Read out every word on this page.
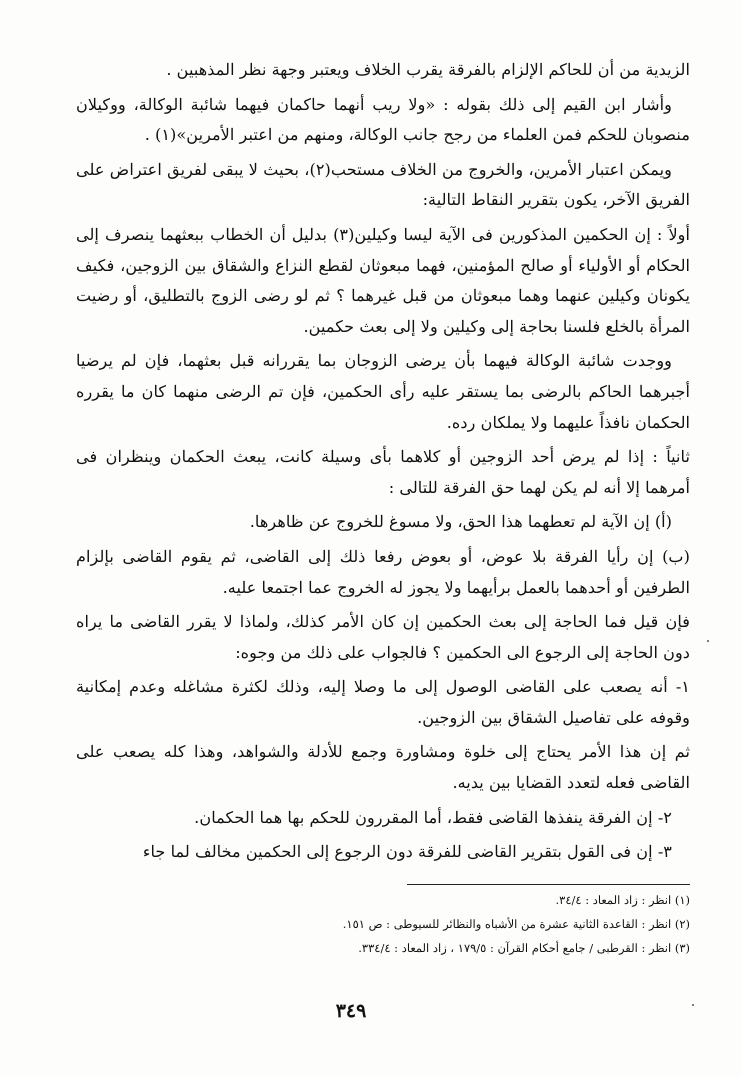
الزيدية من أن للحاكم الإلزام بالفرقة يقرب الخلاف ويعتبر وجهة نظر المذهبين .

وأشار ابن القيم إلى ذلك بقوله : «ولا ريب أنهما حاكمان فيهما شائبة الوكالة، ووكيلان منصوبان للحكم فمن العلماء من رجح جانب الوكالة، ومنهم من اعتبر الأمرين»(١) .

ويمكن اعتبار الأمرين، والخروج من الخلاف مستحب(٢)، بحيث لا يبقى لفريق اعتراض على الفريق الآخر، يكون بتقرير النقاط التالية:

أولاً : إن الحكمين المذكورين فى الآية ليسا وكيلين(٣) بدليل أن الخطاب ببعثهما ينصرف إلى الحكام أو الأولياء أو صالح المؤمنين، فهما مبعوثان لقطع النزاع والشقاق بين الزوجين، فكيف يكونان وكيلين عنهما وهما مبعوثان من قبل غيرهما ؟ ثم لو رضى الزوج بالتطليق، أو رضيت المرأة بالخلع فلسنا بحاجة إلى وكيلين ولا إلى بعث حكمين.

ووجدت شائبة الوكالة فيهما بأن يرضى الزوجان بما يقررانه قبل بعثهما، فإن لم يرضيا أجبرهما الحاكم بالرضى بما يستقر عليه رأى الحكمين، فإن تم الرضى منهما كان ما يقرره الحكمان نافذاً عليهما ولا يملكان رده.

ثانياً : إذا لم يرض أحد الزوجين أو كلاهما بأى وسيلة كانت، يبعث الحكمان وينظران فى أمرهما إلا أنه لم يكن لهما حق الفرقة للتالى :

(أ) إن الآية لم تعطهما هذا الحق، ولا مسوغ للخروج عن ظاهرها.

(ب) إن رأيا الفرقة بلا عوض، أو بعوض رفعا ذلك إلى القاضى، ثم يقوم القاضى بإلزام الطرفين أو أحدهما بالعمل برأيهما ولا يجوز له الخروج عما اجتمعا عليه.

فإن قيل فما الحاجة إلى بعث الحكمين إن كان الأمر كذلك، ولماذا لا يقرر القاضى ما يراه دون الحاجة إلى الرجوع الى الحكمين ؟ فالجواب على ذلك من وجوه:

١- أنه يصعب على القاضى الوصول إلى ما وصلا إليه، وذلك لكثرة مشاغله وعدم إمكانية وقوفه على تفاصيل الشقاق بين الزوجين.

ثم إن هذا الأمر يحتاج إلى خلوة ومشاورة وجمع للأدلة والشواهد، وهذا كله يصعب على القاضى فعله لتعدد القضايا بين يديه.

٢- إن الفرقة ينفذها القاضى فقط، أما المقررون للحكم بها هما الحكمان.

٣- إن فى القول بتقرير القاضى للفرقة دون الرجوع إلى الحكمين مخالف لما جاء

(١) انظر : زاد المعاد : ٣٤/٤.
(٢) انظر : القاعدة الثانية عشرة من الأشباه والنظائر للسيوطى : ص ١٥١.
(٣) انظر : القرطبى / جامع أحكام القرآن : ١٧٩/٥ ، زاد المعاد : ٣٣٤/٤.
٣٤٩
